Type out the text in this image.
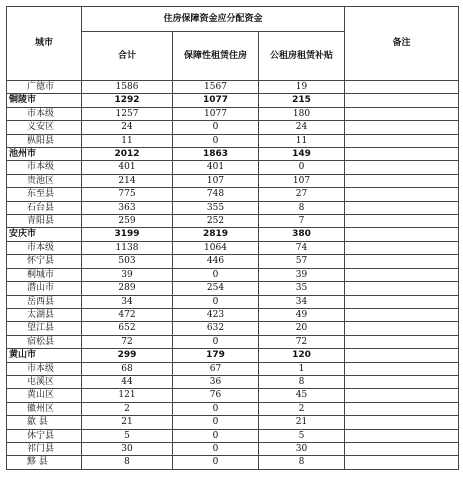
城市	住房保障资金应分配资金			备注
	合计	保障性租赁住房	公租房租赁补贴	
广德市	1586	1567	19	
铜陵市	1292	1077	215	
市本级	1257	1077	180	
义安区	24	0	24	
枞阳县	11	0	11	
池州市	2012	1863	149	
市本级	401	401	0	
贵池区	214	107	107	
东至县	775	748	27	
石台县	363	355	8	
青阳县	259	252	7	
安庆市	3199	2819	380	
市本级	1138	1064	74	
怀宁县	503	446	57	
桐城市	39	0	39	
潜山市	289	254	35	
岳西县	34	0	34	
太湖县	472	423	49	
望江县	652	632	20	
宿松县	72	0	72	
黄山市	299	179	120	
市本级	68	67	1	
屯溪区	44	36	8	
黄山区	121	76	45	
徽州区	2	0	2	
歙 县	21	0	21	
休宁县	5	0	5	
祁门县	30	0	30	
黟 县	8	0	8	
